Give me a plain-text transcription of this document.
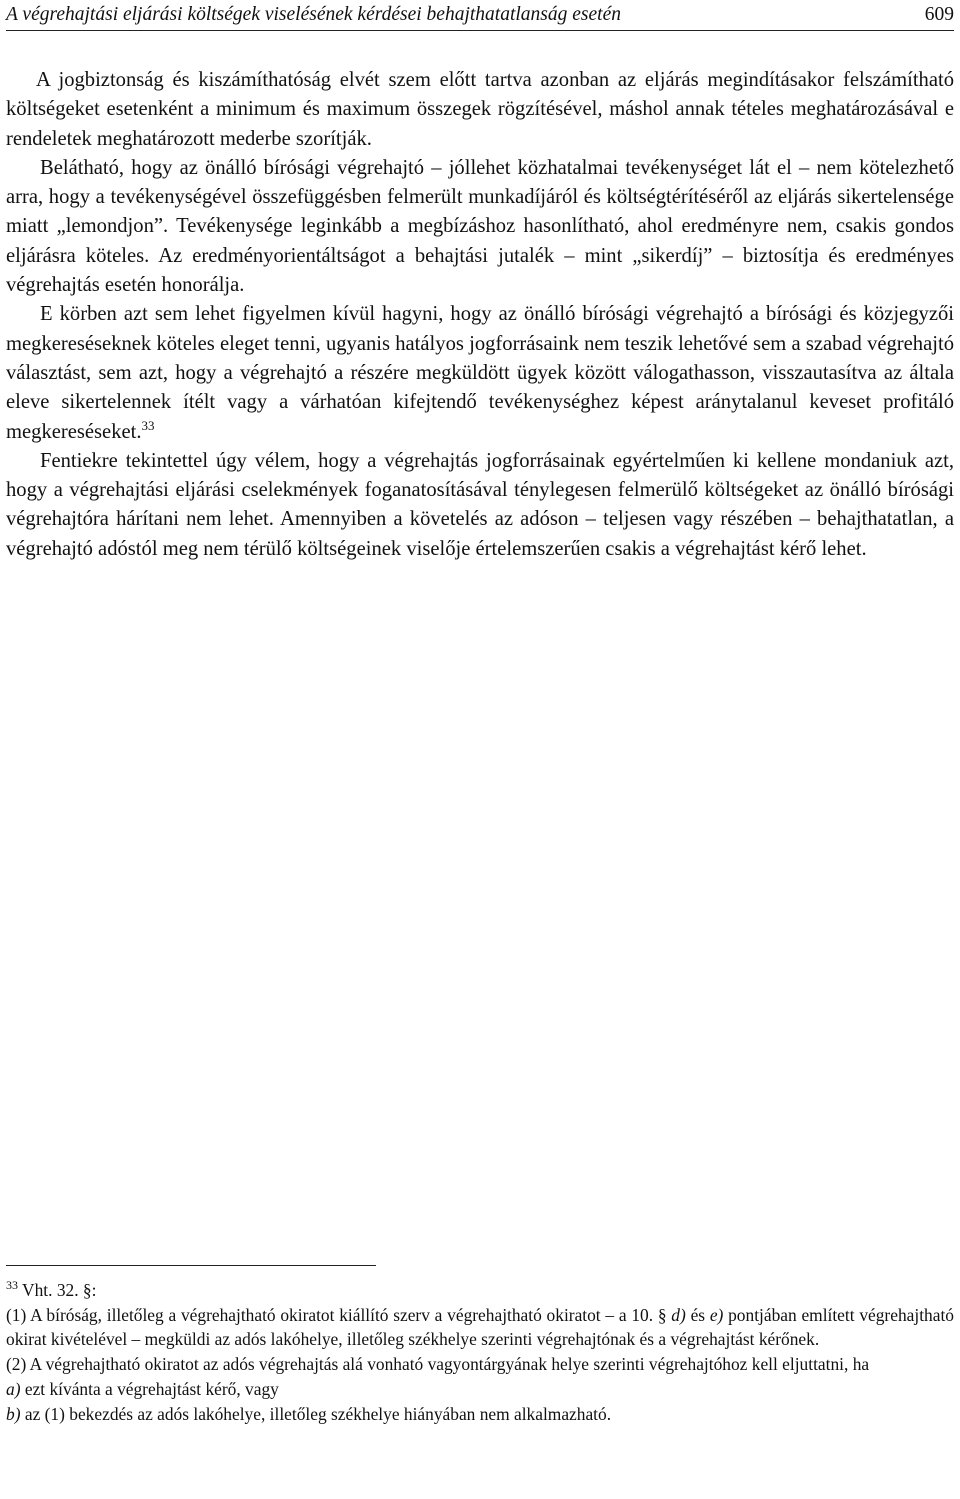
A végrehajtási eljárási költségek viselésének kérdései behajthatatlanság esetén	609

A jogbiztonság és kiszámíthatóság elvét szem előtt tartva azonban az eljárás megindításakor felszámítható költségeket esetenként a minimum és maximum összegek rögzítésével, máshol annak tételes meghatározásával e rendeletek meghatározott mederbe szorítják.

Belátható, hogy az önálló bírósági végrehajtó – jóllehet közhatalmai tevékenységet lát el – nem kötelezhető arra, hogy a tevékenységével összefüggésben felmerült munkadíjáról és költségtérítéséről az eljárás sikertelensége miatt „lemondjon”. Tevékenysége leginkább a megbízáshoz hasonlítható, ahol eredményre nem, csakis gondos eljárásra köteles. Az eredményorientáltságot a behajtási jutalék – mint „sikerdíj” – biztosítja és eredményes végrehajtás esetén honorálja.

E körben azt sem lehet figyelmen kívül hagyni, hogy az önálló bírósági végrehajtó a bírósági és közjegyzői megkereséseknek köteles eleget tenni, ugyanis hatályos jogforrásaink nem teszik lehetővé sem a szabad végrehajtó választást, sem azt, hogy a végrehajtó a részére megküldött ügyek között válogathasson, visszautasítva az általa eleve sikertelennek ítélt vagy a várhatóan kifejtendő tevékenységhez képest aránytalanul keveset profitáló megkereséseket.$^{33}$

Fentiekre tekintettel úgy vélem, hogy a végrehajtás jogforrásainak egyértelműen ki kellene mondaniuk azt, hogy a végrehajtási eljárási cselekmények foganatosításával ténylegesen felmerülő költségeket az önálló bírósági végrehajtóra hárítani nem lehet. Amennyiben a követelés az adóson – teljesen vagy részében – behajthatatlan, a végrehajtó adóstól meg nem térülő költségeinek viselője értelemszerűen csakis a végrehajtást kérő lehet.

$^{33}$ Vht. 32. §:

(1) A bíróság, illetőleg a végrehajtható okiratot kiállító szerv a végrehajtható okiratot – a 10. § d) és e) pontjában említett végrehajtható okirat kivételével – megküldi az adós lakóhelye, illetőleg székhelye szerinti végrehajtónak és a végrehajtást kérőnek.

(2) A végrehajtható okiratot az adós végrehajtás alá vonható vagyontárgyának helye szerinti végrehajtóhoz kell eljuttatni, ha

a) ezt kívánta a végrehajtást kérő, vagy

b) az (1) bekezdés az adós lakóhelye, illetőleg székhelye hiányában nem alkalmazható.
